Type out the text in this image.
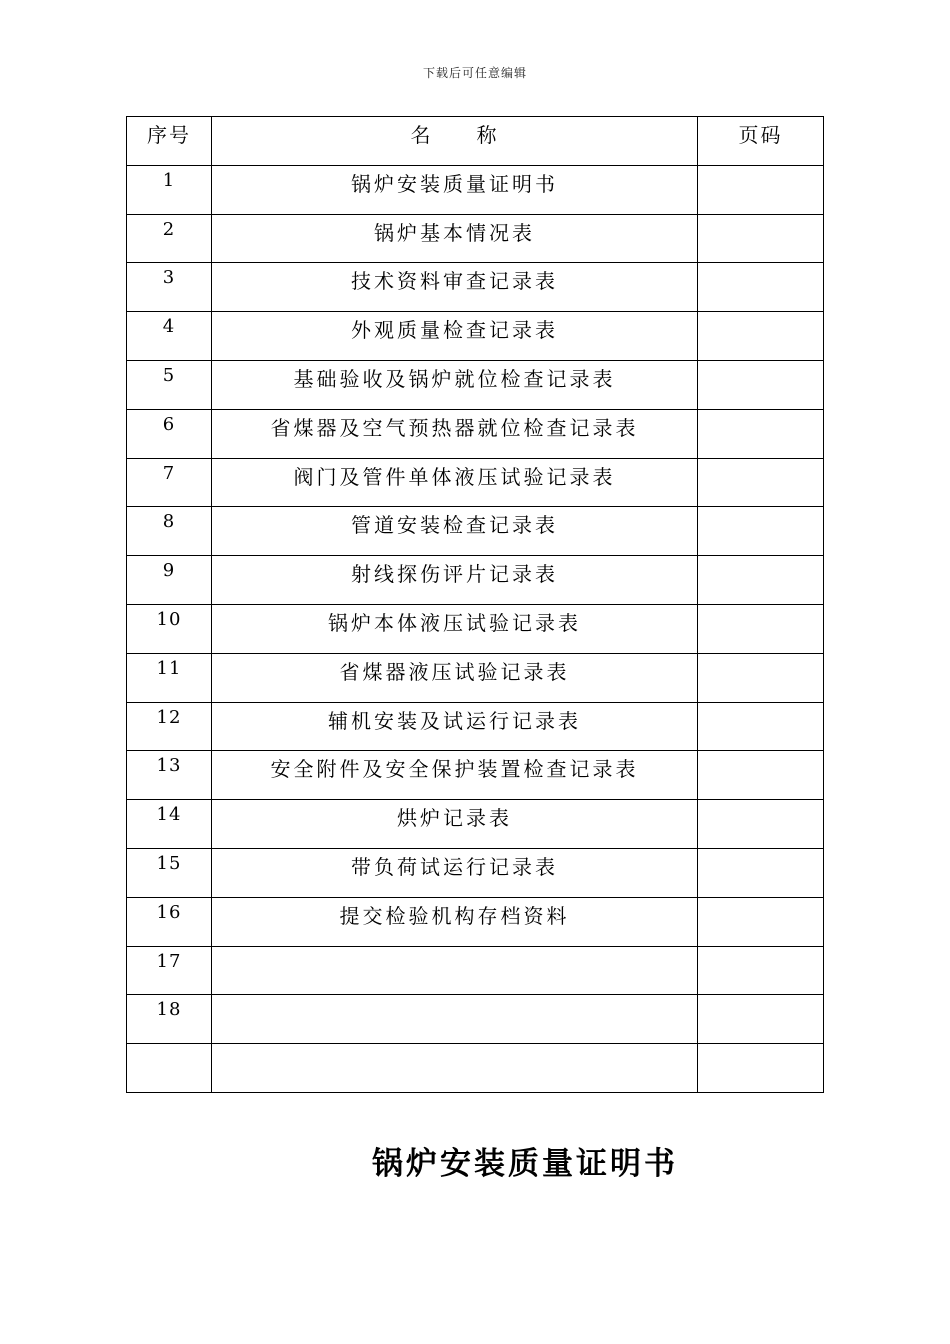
下载后可任意编辑
序号	名　　称	页码
1	锅炉安装质量证明书	
2	锅炉基本情况表	
3	技术资料审查记录表	
4	外观质量检查记录表	
5	基础验收及锅炉就位检查记录表	
6	省煤器及空气预热器就位检查记录表	
7	阀门及管件单体液压试验记录表	
8	管道安装检查记录表	
9	射线探伤评片记录表	
10	锅炉本体液压试验记录表	
11	省煤器液压试验记录表	
12	辅机安装及试运行记录表	
13	安全附件及安全保护装置检查记录表	
14	烘炉记录表	
15	带负荷试运行记录表	
16	提交检验机构存档资料	
17		
18		

锅炉安装质量证明书
